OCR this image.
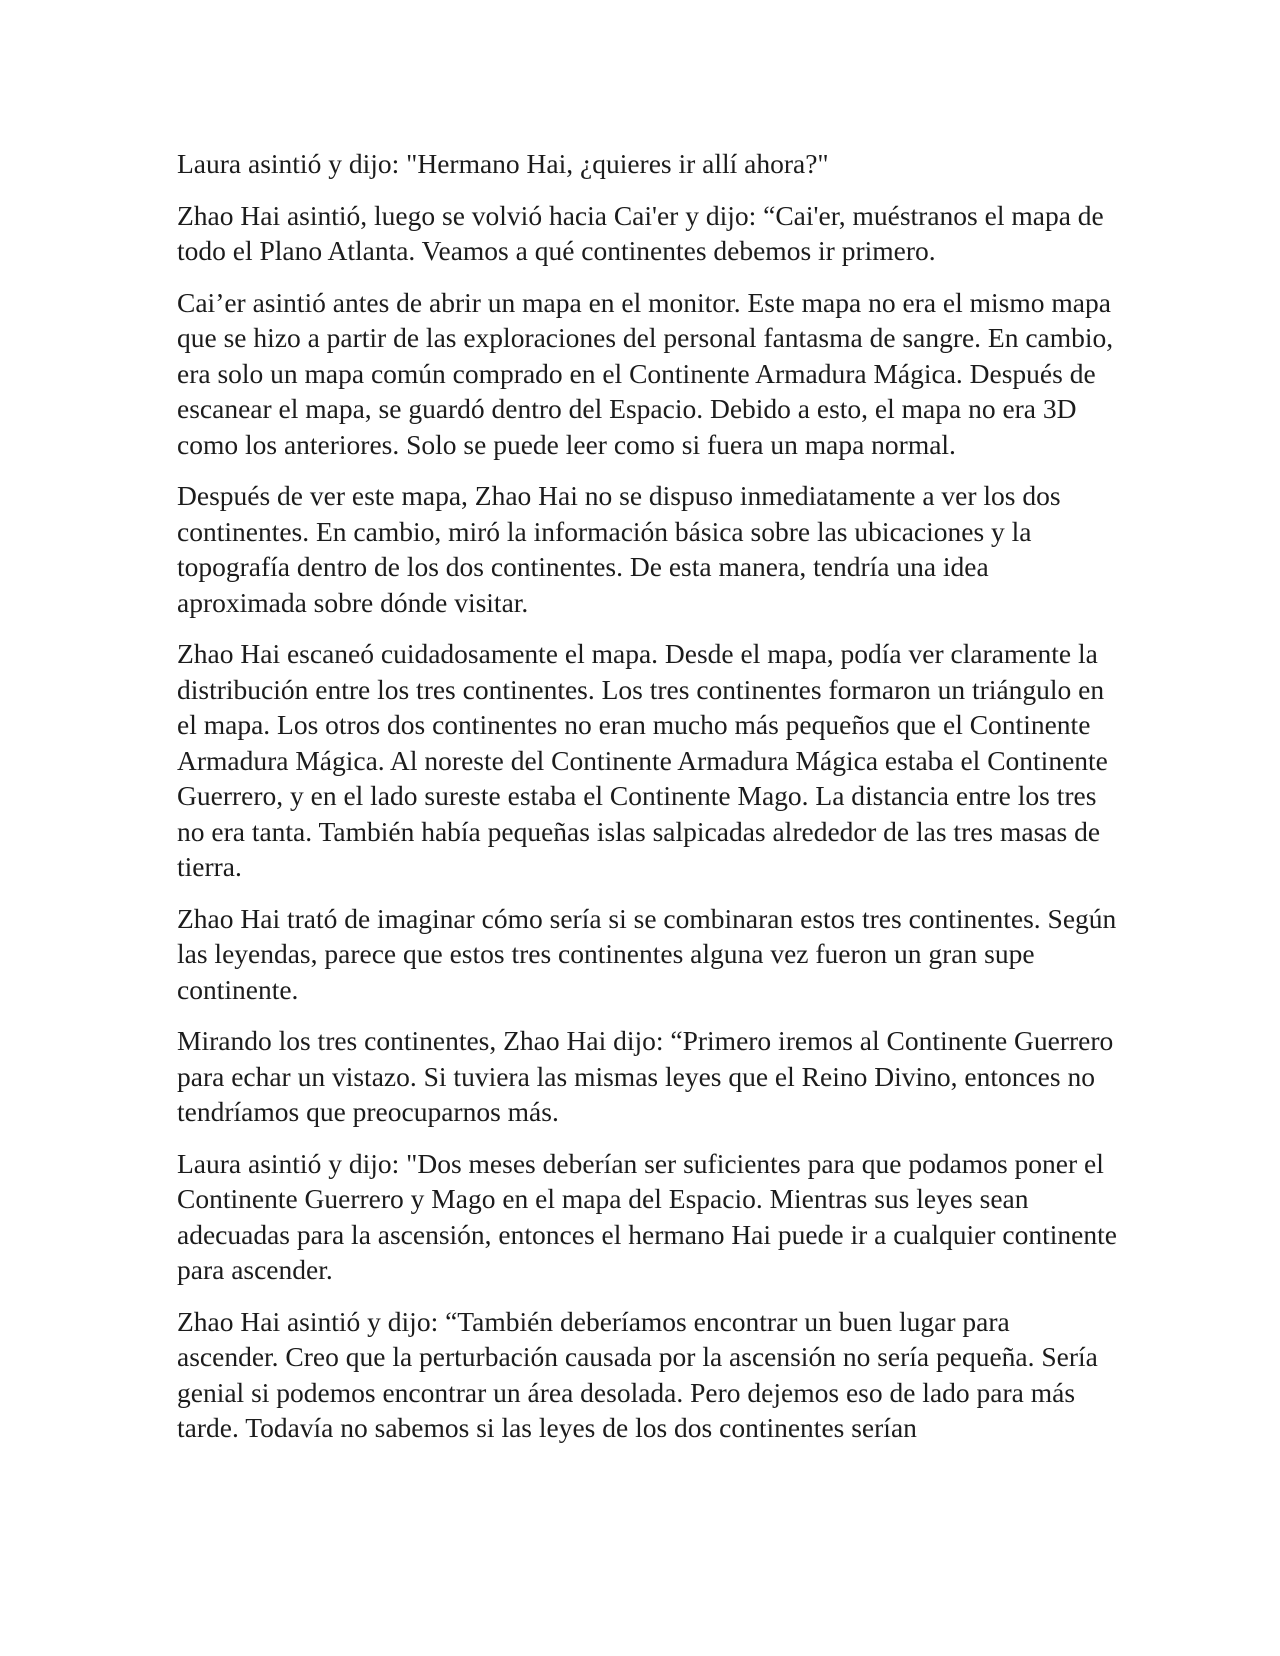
Laura asintió y dijo: "Hermano Hai, ¿quieres ir allí ahora?"

Zhao Hai asintió, luego se volvió hacia Cai'er y dijo: “Cai'er, muéstranos el mapa de todo el Plano Atlanta. Veamos a qué continentes debemos ir primero.

Cai’er asintió antes de abrir un mapa en el monitor. Este mapa no era el mismo mapa que se hizo a partir de las exploraciones del personal fantasma de sangre. En cambio, era solo un mapa común comprado en el Continente Armadura Mágica. Después de escanear el mapa, se guardó dentro del Espacio. Debido a esto, el mapa no era 3D como los anteriores. Solo se puede leer como si fuera un mapa normal.

Después de ver este mapa, Zhao Hai no se dispuso inmediatamente a ver los dos continentes. En cambio, miró la información básica sobre las ubicaciones y la topografía dentro de los dos continentes. De esta manera, tendría una idea aproximada sobre dónde visitar.

Zhao Hai escaneó cuidadosamente el mapa. Desde el mapa, podía ver claramente la distribución entre los tres continentes. Los tres continentes formaron un triángulo en el mapa. Los otros dos continentes no eran mucho más pequeños que el Continente Armadura Mágica. Al noreste del Continente Armadura Mágica estaba el Continente Guerrero, y en el lado sureste estaba el Continente Mago. La distancia entre los tres no era tanta. También había pequeñas islas salpicadas alrededor de las tres masas de tierra.

Zhao Hai trató de imaginar cómo sería si se combinaran estos tres continentes. Según las leyendas, parece que estos tres continentes alguna vez fueron un gran supe continente.

Mirando los tres continentes, Zhao Hai dijo: “Primero iremos al Continente Guerrero para echar un vistazo. Si tuviera las mismas leyes que el Reino Divino, entonces no tendríamos que preocuparnos más.

Laura asintió y dijo: "Dos meses deberían ser suficientes para que podamos poner el Continente Guerrero y Mago en el mapa del Espacio. Mientras sus leyes sean adecuadas para la ascensión, entonces el hermano Hai puede ir a cualquier continente para ascender.

Zhao Hai asintió y dijo: “También deberíamos encontrar un buen lugar para ascender. Creo que la perturbación causada por la ascensión no sería pequeña. Sería genial si podemos encontrar un área desolada. Pero dejemos eso de lado para más tarde. Todavía no sabemos si las leyes de los dos continentes serían
